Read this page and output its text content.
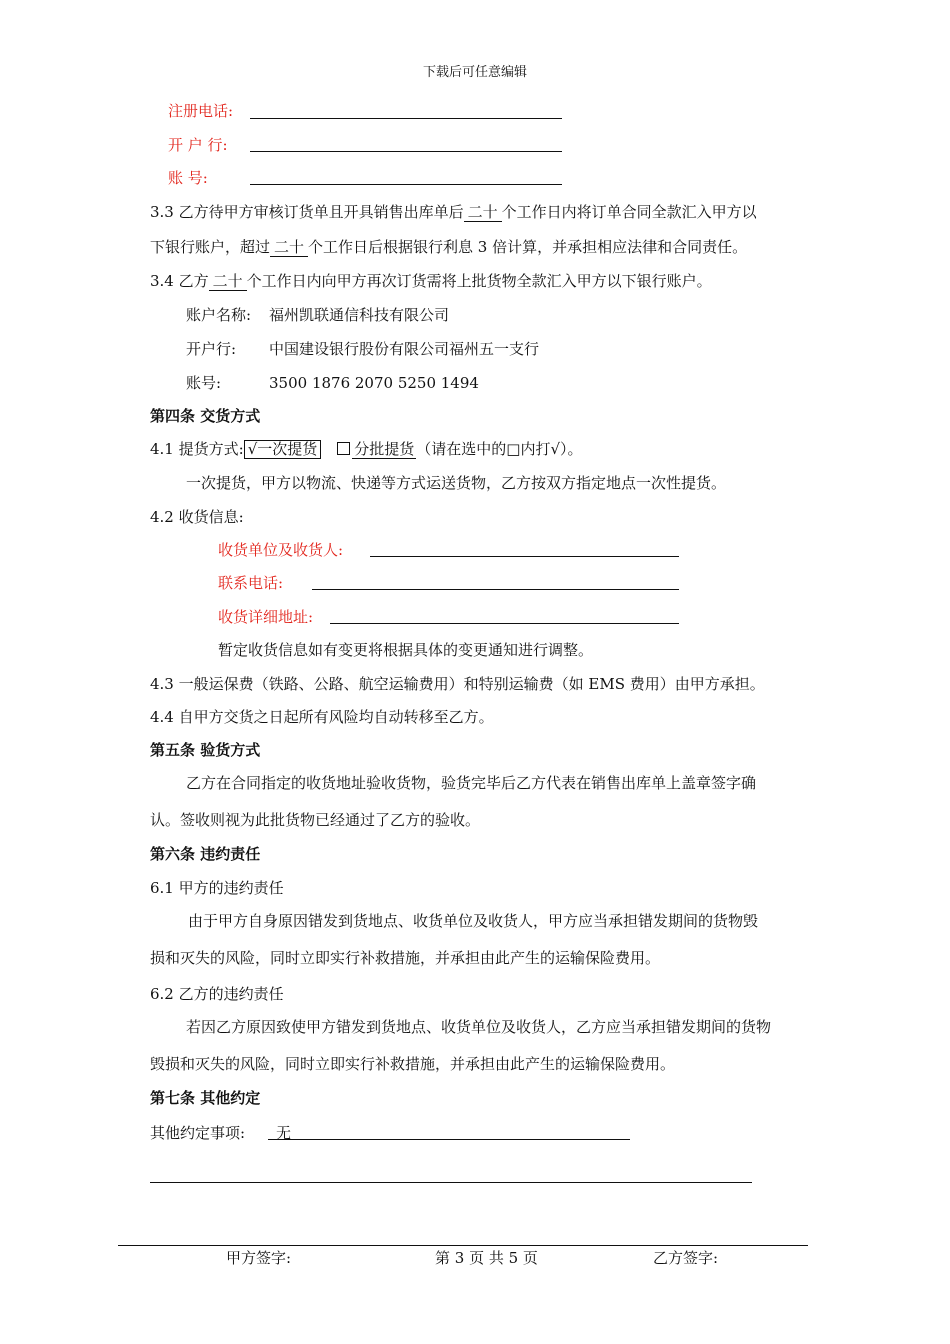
下载后可任意编辑
注册电话:
开 户 行:
账 号:
3.3 乙方待甲方审核订货单且开具销售出库单后 二十 个工作日内将订单合同全款汇入甲方以
下银行账户，超过 二十 个工作日后根据银行利息 3 倍计算，并承担相应法律和合同责任。
3.4 乙方 二十 个工作日内向甲方再次订货需将上批货物全款汇入甲方以下银行账户。
账户名称: 福州凯联通信科技有限公司
开户行: 中国建设银行股份有限公司福州五一支行
账号:	3500 1876 2070 5250 1494
第四条 交货方式
4.1 提货方式: √一次提货 分批提货 （请在选中的□内打√）。
一次提货，甲方以物流、快递等方式运送货物，乙方按双方指定地点一次性提货。
4.2 收货信息:
收货单位及收货人:
联系电话:
收货详细地址:
暂定收货信息如有变更将根据具体的变更通知进行调整。
4.3 一般运保费（铁路、公路、航空运输费用）和特别运输费（如 EMS 费用）由甲方承担。
4.4 自甲方交货之日起所有风险均自动转移至乙方。
第五条 验货方式
乙方在合同指定的收货地址验收货物，验货完毕后乙方代表在销售出库单上盖章签字确
认。签收则视为此批货物已经通过了乙方的验收。
第六条 违约责任
6.1 甲方的违约责任
由于甲方自身原因错发到货地点、收货单位及收货人，甲方应当承担错发期间的货物毁
损和灭失的风险，同时立即实行补救措施，并承担由此产生的运输保险费用。
6.2 乙方的违约责任
若因乙方原因致使甲方错发到货地点、收货单位及收货人，乙方应当承担错发期间的货物
毁损和灭失的风险，同时立即实行补救措施，并承担由此产生的运输保险费用。
第七条 其他约定
其他约定事项: 无
甲方签字:	第 3 页 共 5 页	乙方签字:
